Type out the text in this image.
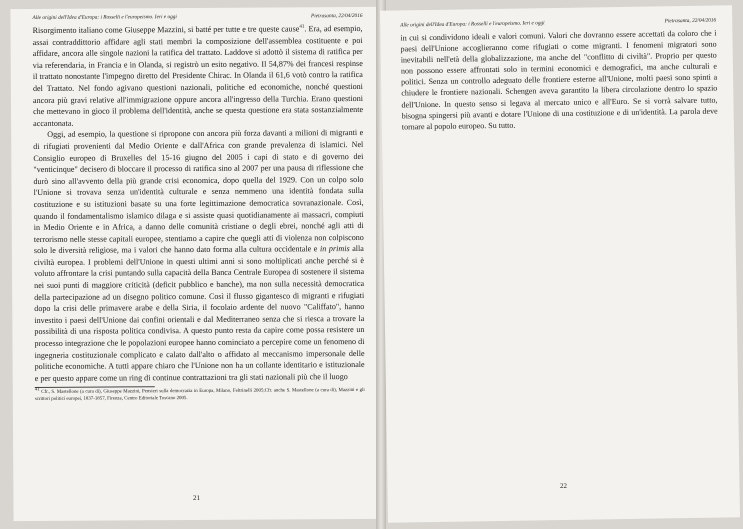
Alle origini dell'Idea d'Europa: i Rosselli e l'europeismo. Ieri e oggi	Pietrasanta, 22/04/2016

Risorgimento italiano come Giuseppe Mazzini, si batté per tutte e tre queste cause$^{41}$. Era, ad esempio, assai contraddittorio affidare agli stati membri la composizione dell'assemblea costituente e poi affidare, ancora alle singole nazioni la ratifica del trattato. Laddove si adottò il sistema di ratifica per via referendaria, in Francia e in Olanda, si registrò un esito negativo. Il 54,87% dei francesi respinse il trattato nonostante l'impegno diretto del Presidente Chirac. In Olanda il 61,6 votò contro la ratifica del Trattato. Nel fondo agivano questioni nazionali, politiche ed economiche, nonché questioni ancora più gravi relative all'immigrazione oppure ancora all'ingresso della Turchia. Erano questioni che mettevano in gioco il problema dell'identità, anche se questa questione era stata sostanzialmente accantonata.

Oggi, ad esempio, la questione si ripropone con ancora più forza davanti a milioni di migranti e di rifugiati provenienti dal Medio Oriente e dall'Africa con grande prevalenza di islamici. Nel Consiglio europeo di Bruxelles del 15-16 giugno del 2005 i capi di stato e di governo dei "venticinque" decisero di bloccare il processo di ratifica sino al 2007 per una pausa di riflessione che durò sino all'avvento della più grande crisi economica, dopo quella del 1929. Con un colpo solo l'Unione si trovava senza un'identità culturale e senza nemmeno una identità fondata sulla costituzione e su istituzioni basate su una forte legittimazione democratica sovranazionale. Così, quando il fondamentalismo islamico dilaga e si assiste quasi quotidianamente ai massacri, compiuti in Medio Oriente e in Africa, a danno delle comunità cristiane o degli ebrei, nonché agli atti di terrorismo nelle stesse capitali europee, stentiamo a capire che quegli atti di violenza non colpiscono solo le diversità religiose, ma i valori che hanno dato forma alla cultura occidentale e in primis alla civiltà europea. I problemi dell'Unione in questi ultimi anni si sono moltiplicati anche perché si è voluto affrontare la crisi puntando sulla capacità della Banca Centrale Europea di sostenere il sistema nei suoi punti di maggiore criticità (deficit pubblico e banche), ma non sulla necessità democratica della partecipazione ad un disegno politico comune. Così il flusso gigantesco di migranti e rifugiati dopo la crisi delle primavere arabe e della Siria, il focolaio ardente del nuovo "Califfato", hanno investito i paesi dell'Unione dai confini orientali e dal Mediterraneo senza che si riesca a trovare la possibilità di una risposta politica condivisa. A questo punto resta da capire come possa resistere un processo integrazione che le popolazioni europee hanno cominciato a percepire come un fenomeno di ingegneria costituzionale complicato e calato dall'alto o affidato al meccanismo impersonale delle politiche economiche. A tutti appare chiaro che l'Unione non ha un collante identitario e istituzionale e per questo appare come un ring di continue contrattazioni tra gli stati nazionali più che il luogo

41 Cfr., S. Mastellone (a cura di), Giuseppe Mazzini, Pensieri sulla democrazia in Europa, Milano, Feltrinelli 2005;Cfr. anche S. Mastellone (a cura di), Mazzini e gli scrittori politici europei, 1837-1857, Firenze, Centro Editoriale Toscano 2005.
21
Alle origini dell'Idea d'Europa: i Rosselli e l'europeismo. Ieri e oggi	Pietrasanta, 22/04/2016

in cui si condividono ideali e valori comuni. Valori che dovranno essere accettati da coloro che i paesi dell'Unione accoglieranno come rifugiati o come migranti. I fenomeni migratori sono inevitabili nell'età della globalizzazione, ma anche del "conflitto di civiltà". Proprio per questo non possono essere affrontati solo in termini economici e demografici, ma anche culturali e politici. Senza un controllo adeguato delle frontiere esterne all'Unione, molti paesi sono spinti a chiudere le frontiere nazionali. Schengen aveva garantito la libera circolazione dentro lo spazio dell'Unione. In questo senso si legava al mercato unico e all'Euro. Se si vorrà salvare tutto, bisogna spingersi più avanti e dotare l'Unione di una costituzione e di un'identità. La parola deve tornare al popolo europeo. Su tutto.

22
